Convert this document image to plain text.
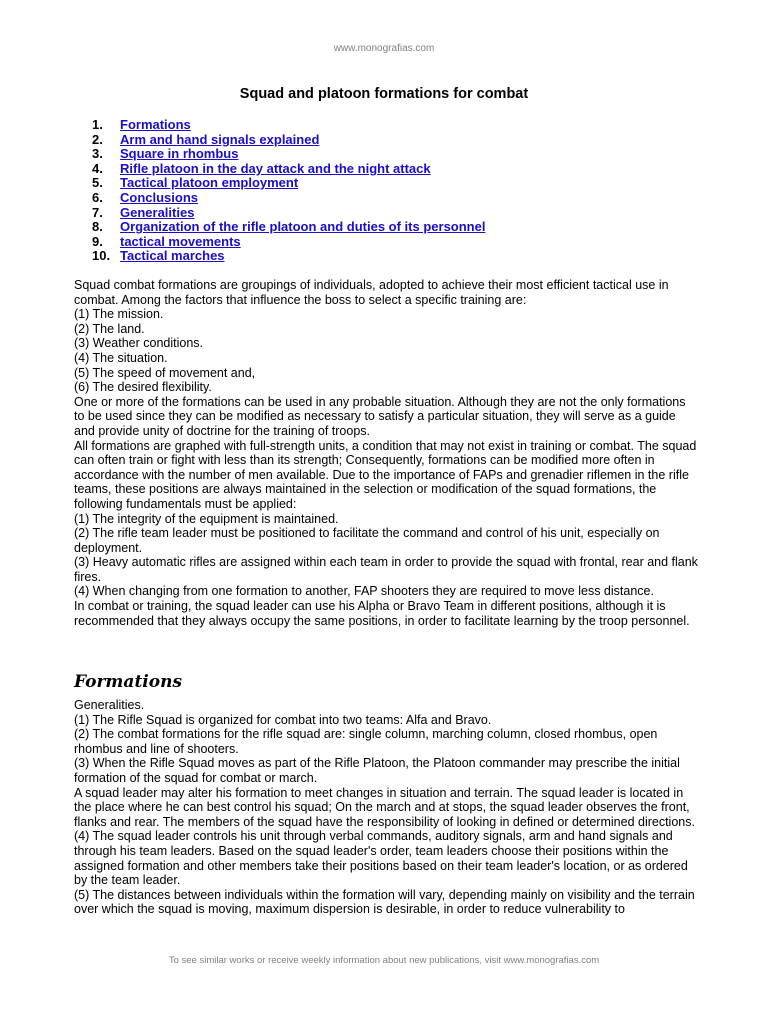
www.monografias.com
Squad and platoon formations for combat
1. Formations
2. Arm and hand signals explained
3. Square in rhombus
4. Rifle platoon in the day attack and the night attack
5. Tactical platoon employment
6. Conclusions
7. Generalities
8. Organization of the rifle platoon and duties of its personnel
9. tactical movements
10. Tactical marches

Squad combat formations are groupings of individuals, adopted to achieve their most efficient tactical use in combat. Among the factors that influence the boss to select a specific training are:

(1) The mission.

(2) The land.

(3) Weather conditions.

(4) The situation.

(5) The speed of movement and,

(6) The desired flexibility.

One or more of the formations can be used in any probable situation. Although they are not the only formations to be used since they can be modified as necessary to satisfy a particular situation, they will serve as a guide and provide unity of doctrine for the training of troops.

All formations are graphed with full-strength units, a condition that may not exist in training or combat. The squad can often train or fight with less than its strength; Consequently, formations can be modified more often in accordance with the number of men available. Due to the importance of FAPs and grenadier riflemen in the rifle teams, these positions are always maintained in the selection or modification of the squad formations, the following fundamentals must be applied:

(1) The integrity of the equipment is maintained.

(2) The rifle team leader must be positioned to facilitate the command and control of his unit, especially on deployment.

(3) Heavy automatic rifles are assigned within each team in order to provide the squad with frontal, rear and flank fires.

(4) When changing from one formation to another, FAP shooters they are required to move less distance.

In combat or training, the squad leader can use his Alpha or Bravo Team in different positions, although it is recommended that they always occupy the same positions, in order to facilitate learning by the troop personnel.

Formations

Generalities.

(1) The Rifle Squad is organized for combat into two teams: Alfa and Bravo.

(2) The combat formations for the rifle squad are: single column, marching column, closed rhombus, open rhombus and line of shooters.

(3) When the Rifle Squad moves as part of the Rifle Platoon, the Platoon commander may prescribe the initial formation of the squad for combat or march.

A squad leader may alter his formation to meet changes in situation and terrain. The squad leader is located in the place where he can best control his squad; On the march and at stops, the squad leader observes the front, flanks and rear. The members of the squad have the responsibility of looking in defined or determined directions.

(4) The squad leader controls his unit through verbal commands, auditory signals, arm and hand signals and through his team leaders. Based on the squad leader's order, team leaders choose their positions within the assigned formation and other members take their positions based on their team leader's location, or as ordered by the team leader.

(5) The distances between individuals within the formation will vary, depending mainly on visibility and the terrain over which the squad is moving, maximum dispersion is desirable, in order to reduce vulnerability to

To see similar works or receive weekly information about new publications, visit www.monografias.com
